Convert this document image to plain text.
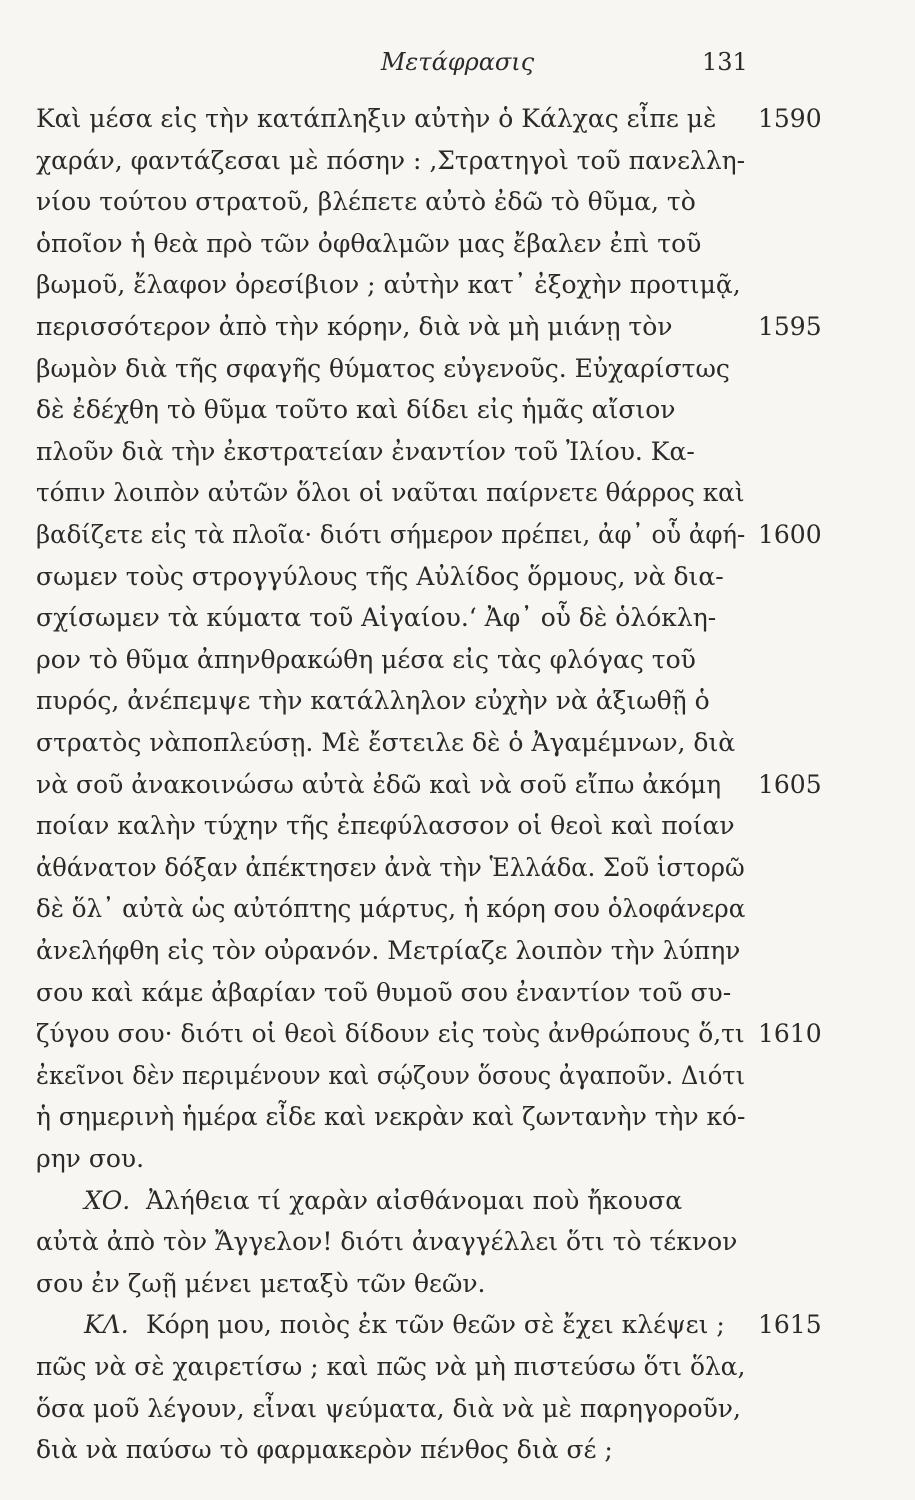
Μετάφρασις	131
Καὶ μέσα εἰς τὴν κατάπληξιν αὐτὴν ὁ Κάλχας εἶπε μὲ 1590
χαράν, φαντάζεσαι μὲ πόσην : ‚Στρατηγοὶ τοῦ πανελλη-
νίου τούτου στρατοῦ, βλέπετε αὐτὸ ἐδῶ τὸ θῦμα, τὸ
ὁποῖον ἡ θεὰ πρὸ τῶν ὀφθαλμῶν μας ἔβαλεν ἐπὶ τοῦ
βωμοῦ, ἔλαφον ὀρεσίβιον ; αὐτὴν κατ᾽ ἐξοχὴν προτιμᾷ,
περισσότερον ἀπὸ τὴν κόρην, διὰ νὰ μὴ μιάνῃ τὸν	1595
βωμὸν διὰ τῆς σφαγῆς θύματος εὐγενοῦς. Εὐχαρίστως
δὲ ἐδέχθη τὸ θῦμα τοῦτο καὶ δίδει εἰς ἡμᾶς αἴσιον
πλοῦν διὰ τὴν ἐκστρατείαν ἐναντίον τοῦ Ἰλίου. Κα-
τόπιν λοιπὸν αὐτῶν ὅλοι οἱ ναῦται παίρνετε θάρρος καὶ
βαδίζετε εἰς τὰ πλοῖα· διότι σήμερον πρέπει, ἀφ᾽ οὗ ἀφή- 1600
σωμεν τοὺς στρογγύλους τῆς Αὐλίδος ὅρμους, νὰ δια-
σχίσωμεν τὰ κύματα τοῦ Αἰγαίου.‘ Ἀφ᾽ οὗ δὲ ὁλόκλη-
ρον τὸ θῦμα ἀπηνθρακώθη μέσα εἰς τὰς φλόγας τοῦ
πυρός, ἀνέπεμψε τὴν κατάλληλον εὐχὴν νὰ ἀξιωθῇ ὁ
στρατὸς νὰποπλεύσῃ. Μὲ ἔστειλε δὲ ὁ Ἀγαμέμνων, διὰ
νὰ σοῦ ἀνακοινώσω αὐτὰ ἐδῶ καὶ νὰ σοῦ εἴπω ἀκόμη 1605
ποίαν καλὴν τύχην τῆς ἐπεφύλασσον οἱ θεοὶ καὶ ποίαν
ἀθάνατον δόξαν ἀπέκτησεν ἀνὰ τὴν Ἑλλάδα. Σοῦ ἱστορῶ
δὲ ὅλ᾽ αὐτὰ ὡς αὐτόπτης μάρτυς, ἡ κόρη σου ὁλοφάνερα
ἀνελήφθη εἰς τὸν οὐρανόν. Μετρίαζε λοιπὸν τὴν λύπην
σου καὶ κάμε ἀβαρίαν τοῦ θυμοῦ σου ἐναντίον τοῦ συ-
ζύγου σου· διότι οἱ θεοὶ δίδουν εἰς τοὺς ἀνθρώπους ὅ,τι 1610
ἐκεῖνοι δὲν περιμένουν καὶ σῴζουν ὅσους ἀγαποῦν. Διότι
ἡ σημερινὴ ἡμέρα εἶδε καὶ νεκρὰν καὶ ζωντανὴν τὴν κό-
ρην σου.
ΧΟ. Ἀλήθεια τί χαρὰν αἰσθάνομαι ποὺ ἤκουσα
αὐτὰ ἀπὸ τὸν Ἄγγελον! διότι ἀναγγέλλει ὅτι τὸ τέκνον
σου ἐν ζωῇ μένει μεταξὺ τῶν θεῶν.
ΚΛ. Κόρη μου, ποιὸς ἐκ τῶν θεῶν σὲ ἔχει κλέψει ; 1615
πῶς νὰ σὲ χαιρετίσω ; καὶ πῶς νὰ μὴ πιστεύσω ὅτι ὅλα,
ὅσα μοῦ λέγουν, εἶναι ψεύματα, διὰ νὰ μὲ παρηγοροῦν,
διὰ νὰ παύσω τὸ φαρμακερὸν πένθος διὰ σέ ;
